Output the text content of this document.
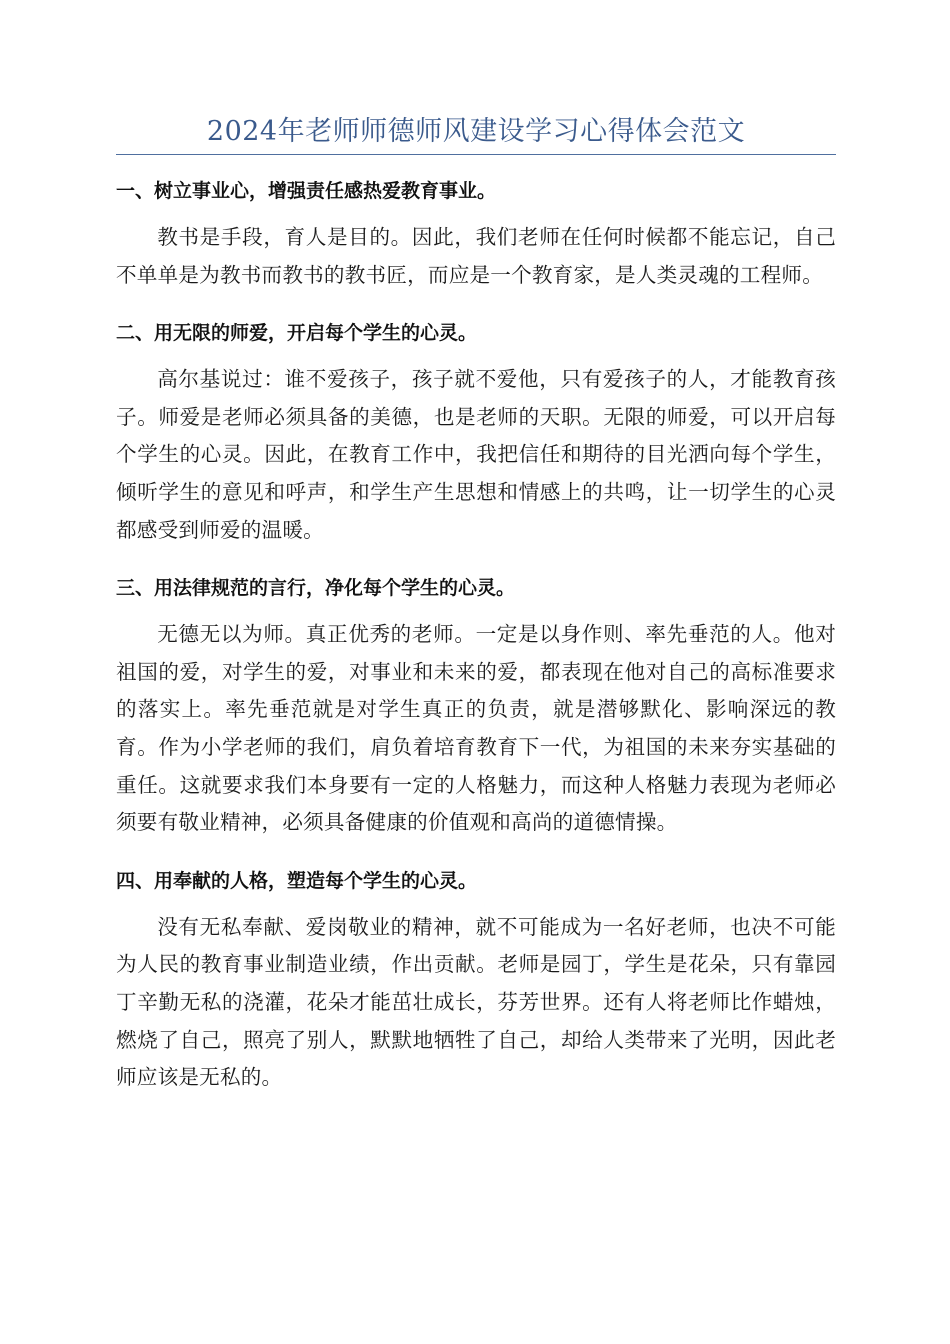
2024年老师师德师风建设学习心得体会范文
一、树立事业心，增强责任感热爱教育事业。

教书是手段，育人是目的。因此，我们老师在任何时候都不能忘记，自己不单单是为教书而教书的教书匠，而应是一个教育家，是人类灵魂的工程师。

二、用无限的师爱，开启每个学生的心灵。

高尔基说过：谁不爱孩子，孩子就不爱他，只有爱孩子的人，才能教育孩子。师爱是老师必须具备的美德，也是老师的天职。无限的师爱，可以开启每个学生的心灵。因此，在教育工作中，我把信任和期待的目光洒向每个学生，倾听学生的意见和呼声，和学生产生思想和情感上的共鸣，让一切学生的心灵都感受到师爱的温暖。

三、用法律规范的言行，净化每个学生的心灵。

无德无以为师。真正优秀的老师。一定是以身作则、率先垂范的人。他对祖国的爱，对学生的爱，对事业和未来的爱，都表现在他对自己的高标准要求的落实上。率先垂范就是对学生真正的负责，就是潜够默化、影响深远的教育。作为小学老师的我们，肩负着培育教育下一代，为祖国的未来夯实基础的重任。这就要求我们本身要有一定的人格魅力，而这种人格魅力表现为老师必须要有敬业精神，必须具备健康的价值观和高尚的道德情操。

四、用奉献的人格，塑造每个学生的心灵。

没有无私奉献、爱岗敬业的精神，就不可能成为一名好老师，也决不可能为人民的教育事业制造业绩，作出贡献。老师是园丁，学生是花朵，只有靠园丁辛勤无私的浇灌，花朵才能茁壮成长，芬芳世界。还有人将老师比作蜡烛，燃烧了自己，照亮了别人，默默地牺牲了自己，却给人类带来了光明，因此老师应该是无私的。
